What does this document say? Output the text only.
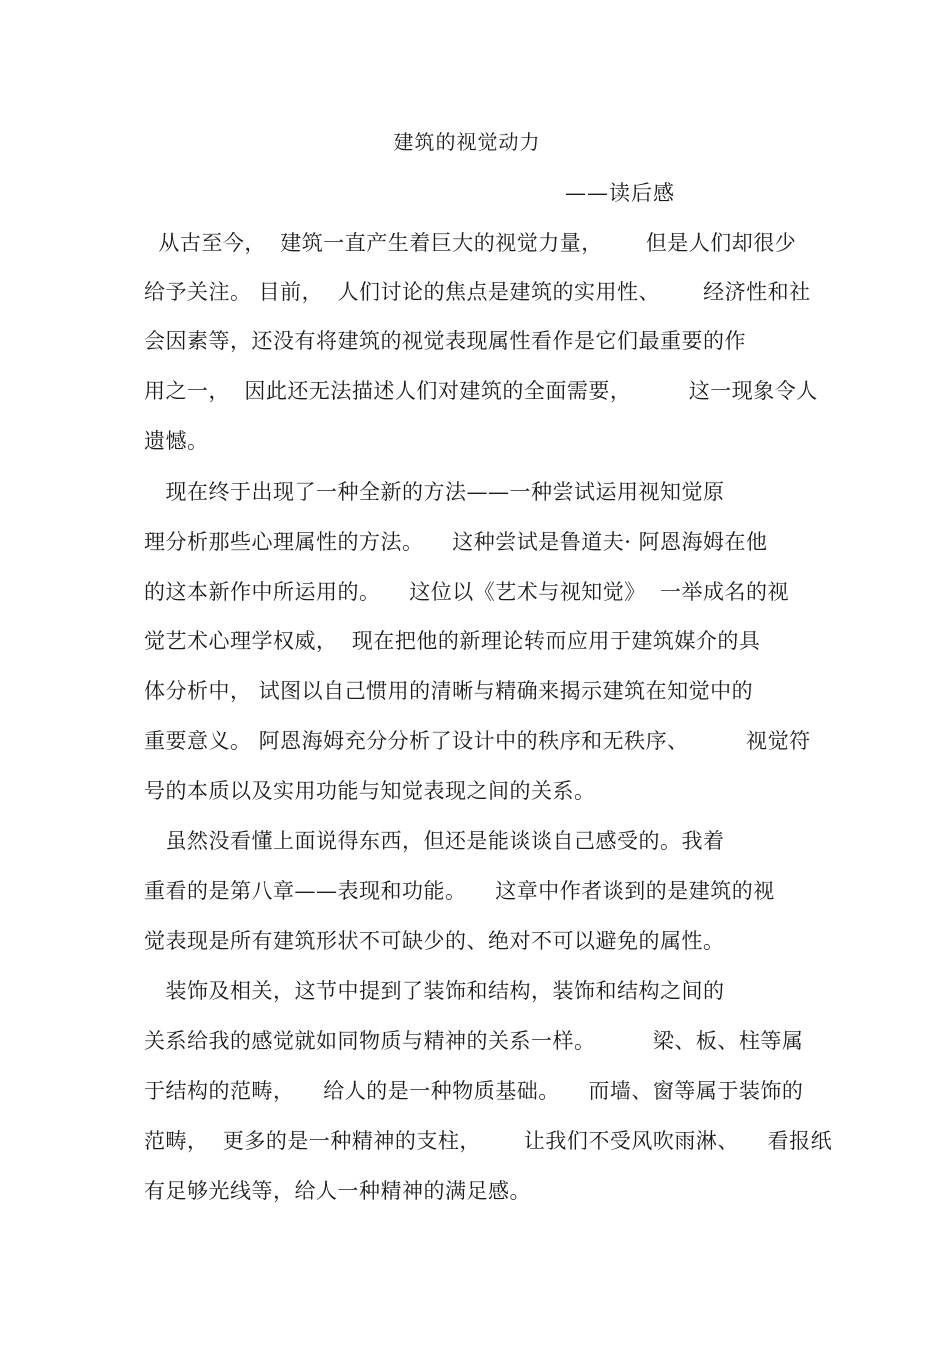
建筑的视觉动力
——读后感
从古至今，  建筑一直产生着巨大的视觉力量，      但是人们却很少
给予关注。 目前，  人们讨论的焦点是建筑的实用性、      经济性和社
会因素等，还没有将建筑的视觉表现属性看作是它们最重要的作
用之一，  因此还无法描述人们对建筑的全面需要，        这一现象令人
遗憾。
现在终于出现了一种全新的方法——一种尝试运用视知觉原
理分析那些心理属性的方法。    这种尝试是鲁道夫· 阿恩海姆在他
的这本新作中所运用的。    这位以《艺术与视知觉》  一举成名的视
觉艺术心理学权威，  现在把他的新理论转而应用于建筑媒介的具
体分析中， 试图以自己惯用的清晰与精确来揭示建筑在知觉中的
重要意义。 阿恩海姆充分分析了设计中的秩序和无秩序、        视觉符
号的本质以及实用功能与知觉表现之间的关系。
虽然没看懂上面说得东西，但还是能谈谈自己感受的。我着
重看的是第八章——表现和功能。    这章中作者谈到的是建筑的视
觉表现是所有建筑形状不可缺少的、绝对不可以避免的属性。
装饰及相关，这节中提到了装饰和结构，装饰和结构之间的
关系给我的感觉就如同物质与精神的关系一样。        梁、板、柱等属
于结构的范畴，    给人的是一种物质基础。    而墙、窗等属于装饰的
范畴，  更多的是一种精神的支柱，      让我们不受风吹雨淋、    看报纸
有足够光线等，给人一种精神的满足感。
